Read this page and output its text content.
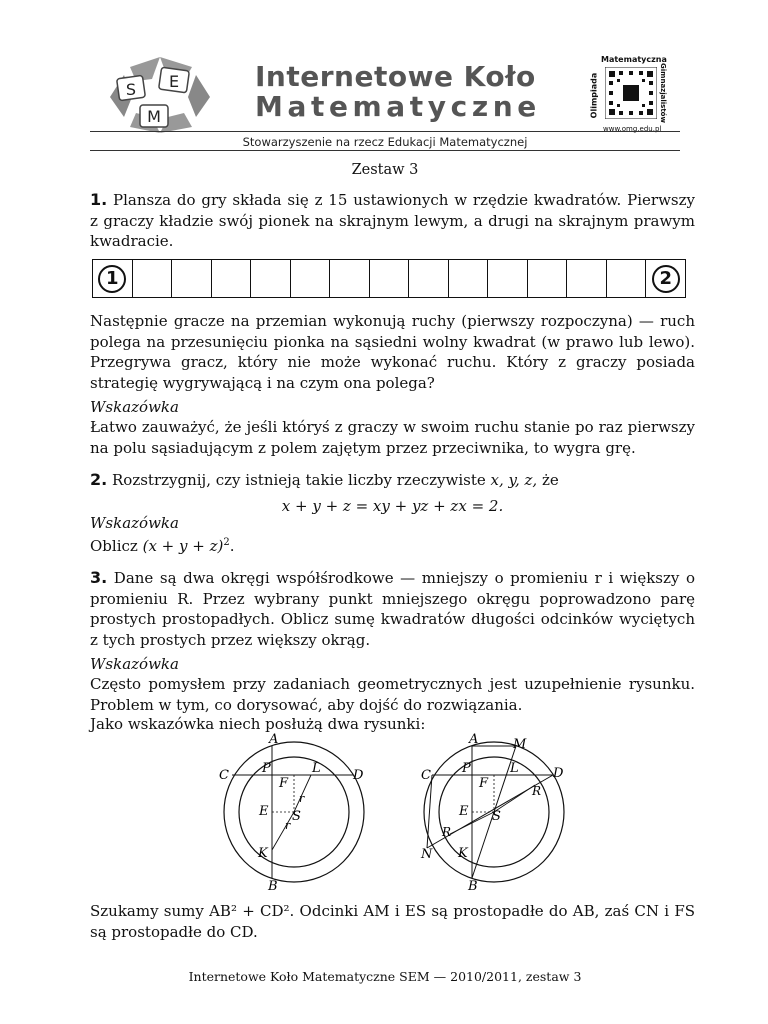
S E
M
Internetowe Koło
Matematyczne
Matematyczna
Olimpiada	Gimnazjalistów
www.omg.edu.pl
Stowarzyszenie na rzecz Edukacji Matematycznej
Zestaw 3
1. Plansza do gry składa się z 15 ustawionych w rzędzie kwadratów. Pierwszy z graczy kładzie swój pionek na skrajnym lewym, a drugi na skrajnym prawym kwadracie.
1	2
Następnie gracze na przemian wykonują ruchy (pierwszy rozpoczyna) — ruch polega na przesunięciu pionka na sąsiedni wolny kwadrat (w prawo lub lewo). Przegrywa gracz, który nie może wykonać ruchu. Który z graczy posiada strategię wygrywającą i na czym ona polega?
Wskazówka
Łatwo zauważyć, że jeśli któryś z graczy w swoim ruchu stanie po raz pierwszy na polu sąsiadującym z polem zajętym przez przeciwnika, to wygra grę.
2. Rozstrzygnij, czy istnieją takie liczby rzeczywiste x, y, z, że
x + y + z = xy + yz + zx = 2.
Wskazówka
Oblicz $(x + y + z)^2$.
3. Dane są dwa okręgi współśrodkowe — mniejszy o promieniu r i większy o promieniu R. Przez wybrany punkt mniejszego okręgu poprowadzono parę prostych prostopadłych. Oblicz sumę kwadratów długości odcinków wyciętych z tych prostych przez większy okrąg.
Wskazówka
Często pomysłem przy zadaniach geometrycznych jest uzupełnienie rysunku. Problem w tym, co dorysować, aby dojść do rozwiązania.
Jako wskazówka niech posłużą dwa rysunki:
A
C	P	L D
F
r
E S
r
K
B
A	M
C P	L	D
F	R
E S
R
N K
B
Szukamy sumy AB² + CD². Odcinki AM i ES są prostopadłe do AB, zaś CN i FS są prostopadłe do CD.
Internetowe Koło Matematyczne SEM — 2010/2011, zestaw 3
